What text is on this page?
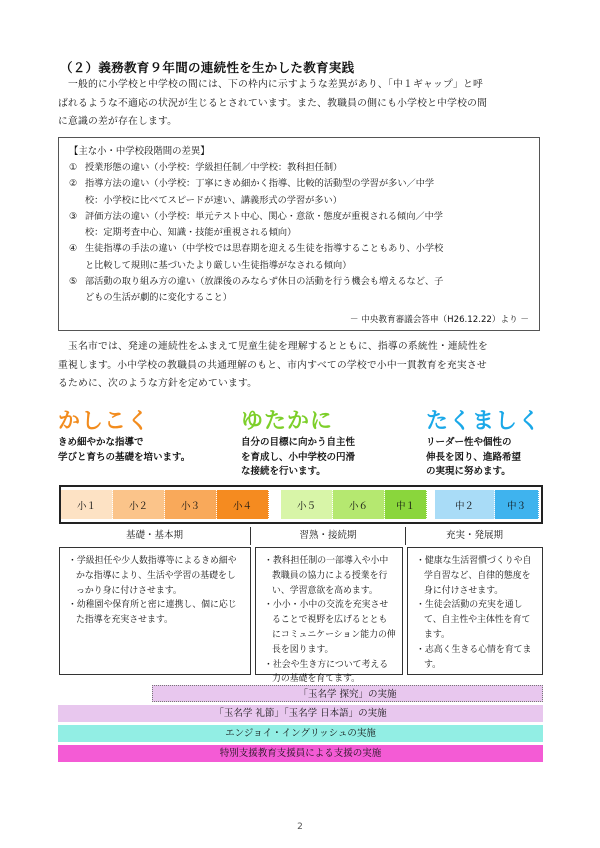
（２）義務教育９年間の連続性を生かした教育実践
　一般的に小学校と中学校の間には、下の枠内に示すような差異があり、「中１ギャップ」と呼
ばれるような不適応の状況が生じるとされています。また、教職員の側にも小学校と中学校の間
に意識の差が存在します。
【主な小・中学校段階間の差異】
① 授業形態の違い（小学校：学級担任制／中学校：教科担任制）
② 指導方法の違い（小学校：丁寧にきめ細かく指導、比較的活動型の学習が多い／中学
校：小学校に比べてスピードが速い、講義形式の学習が多い）
③ 評価方法の違い（小学校：単元テスト中心、関心・意欲・態度が重視される傾向／中学
校：定期考査中心、知識・技能が重視される傾向）
④ 生徒指導の手法の違い（中学校では思春期を迎える生徒を指導することもあり、小学校
と比較して規則に基づいたより厳しい生徒指導がなされる傾向）
⑤ 部活動の取り組み方の違い（放課後のみならず休日の活動を行う機会も増えるなど、子
どもの生活が劇的に変化すること）
－ 中央教育審議会答申（H26.12.22）より －
　玉名市では、発達の連続性をふまえて児童生徒を理解するとともに、指導の系統性・連続性を
重視します。小中学校の教職員の共通理解のもと、市内すべての学校で小中一貫教育を充実させ
るために、次のような方針を定めています。
かしこく	ゆたかに	たくましく
きめ細やかな指導で
学びと育ちの基礎を培います。
自分の目標に向かう自主性
を育成し、小中学校の円滑
な接続を行います。
リーダー性や個性の
伸長を図り、進路希望
の実現に努めます。
小１	小２	小３	小４	小５	小６	中１	中２	中３
基礎・基本期	習熟・接続期	充実・発展期
・学級担任や少人数指導等によるきめ細やかな指導により、生活や学習の基礎をしっかり身に付けさせます。
・幼稚園や保育所と密に連携し、個に応じた指導を充実させます。
・教科担任制の一部導入や小中教職員の協力による授業を行い、学習意欲を高めます。
・小小・小中の交流を充実させることで視野を広げるとともにコミュニケーション能力の伸長を図ります。
・社会や生き方について考える力の基礎を育てます。
・健康な生活習慣づくりや自学自習など、自律的態度を身に付けさせます。
・生徒会活動の充実を通して、自主性や主体性を育てます。
・志高く生きる心情を育てます。
「玉名学 探究」の実施
「玉名学 礼節」「玉名学 日本語」の実施
エンジョイ・イングリッシュの実施
特別支援教育支援員による支援の実施
2
